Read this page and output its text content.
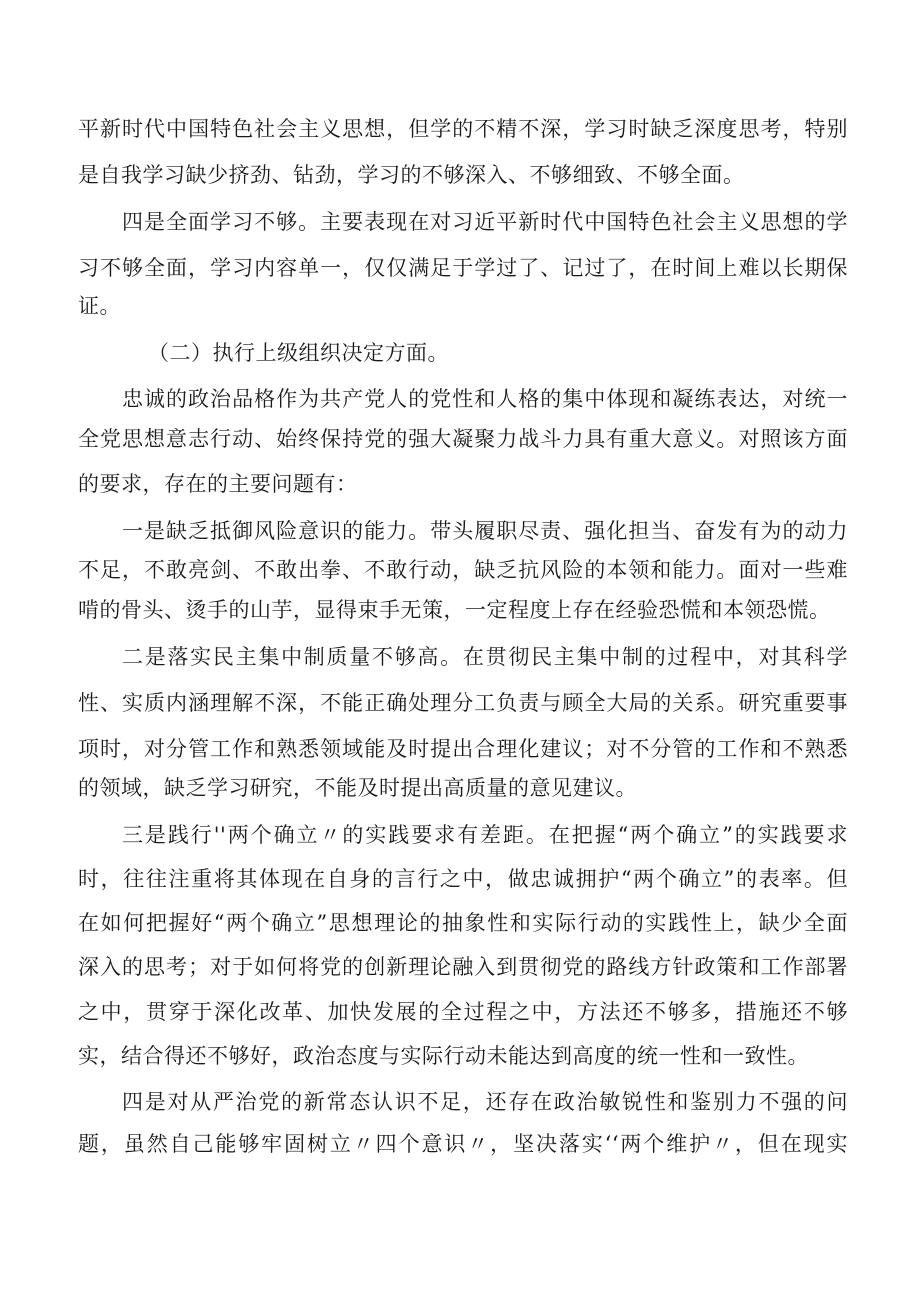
平新时代中国特色社会主义思想，但学的不精不深，学习时缺乏深度思考，特别
是自我学习缺少挤劲、钻劲，学习的不够深入、不够细致、不够全面。
四是全面学习不够。主要表现在对习近平新时代中国特色社会主义思想的学
习不够全面，学习内容单一，仅仅满足于学过了、记过了，在时间上难以长期保
证。
（二）执行上级组织决定方面。
忠诚的政治品格作为共产党人的党性和人格的集中体现和凝练表达，对统一
全党思想意志行动、始终保持党的强大凝聚力战斗力具有重大意义。对照该方面
的要求，存在的主要问题有：
一是缺乏抵御风险意识的能力。带头履职尽责、强化担当、奋发有为的动力
不足，不敢亮剑、不敢出拳、不敢行动，缺乏抗风险的本领和能力。面对一些难
啃的骨头、烫手的山芋，显得束手无策，一定程度上存在经验恐慌和本领恐慌。
二是落实民主集中制质量不够高。在贯彻民主集中制的过程中，对其科学
性、实质内涵理解不深，不能正确处理分工负责与顾全大局的关系。研究重要事
项时，对分管工作和熟悉领域能及时提出合理化建议；对不分管的工作和不熟悉
的领域，缺乏学习研究，不能及时提出高质量的意见建议。
三是践行''两个确立〃的实践要求有差距。在把握“两个确立”的实践要求
时，往往注重将其体现在自身的言行之中，做忠诚拥护“两个确立”的表率。但
在如何把握好“两个确立”思想理论的抽象性和实际行动的实践性上，缺少全面
深入的思考；对于如何将党的创新理论融入到贯彻党的路线方针政策和工作部署
之中，贯穿于深化改革、加快发展的全过程之中，方法还不够多，措施还不够
实，结合得还不够好，政治态度与实际行动未能达到高度的统一性和一致性。
四是对从严治党的新常态认识不足，还存在政治敏锐性和鉴别力不强的问
题，虽然自己能够牢固树立〃四个意识〃，坚决落实‘‘两个维护〃，但在现实
